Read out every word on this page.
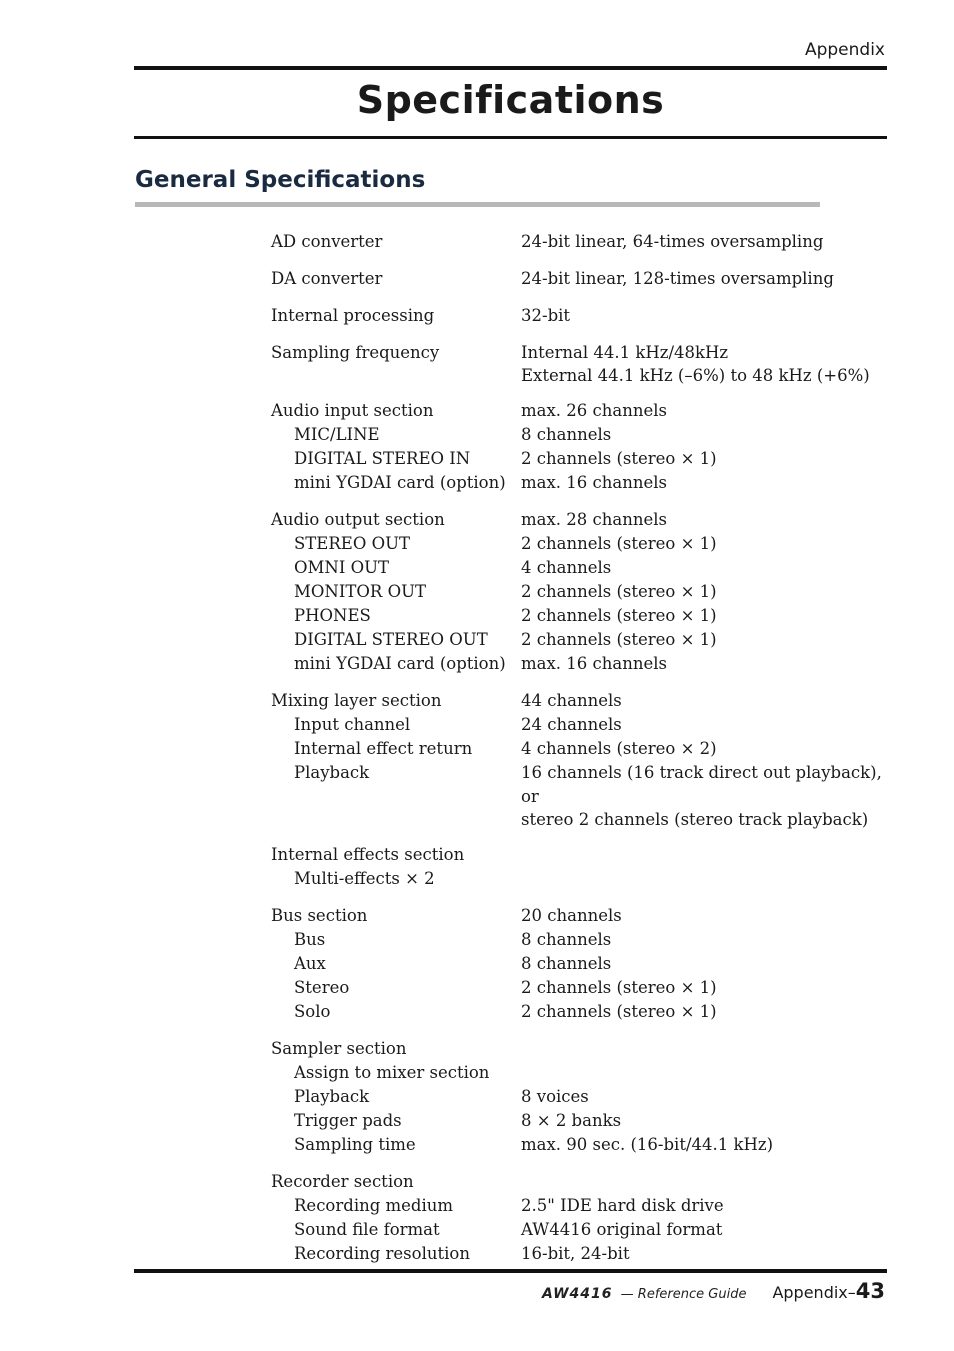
Appendix
Specifications
General Specifications
AD converter	24-bit linear, 64-times oversampling
DA converter	24-bit linear, 128-times oversampling
Internal processing	32-bit
Sampling frequency	Internal 44.1 kHz/48kHz
External 44.1 kHz (–6%) to 48 kHz (+6%)
Audio input section	max. 26 channels
MIC/LINE	8 channels
DIGITAL STEREO IN	2 channels (stereo × 1)
mini YGDAI card (option) max. 16 channels
Audio output section	max. 28 channels
STEREO OUT	2 channels (stereo × 1)
OMNI OUT	4 channels
MONITOR OUT	2 channels (stereo × 1)
PHONES	2 channels (stereo × 1)
DIGITAL STEREO OUT	2 channels (stereo × 1)
mini YGDAI card (option) max. 16 channels
Mixing layer section	44 channels
Input channel	24 channels
Internal effect return	4 channels (stereo × 2)
Playback	16 channels (16 track direct out playback), or
stereo 2 channels (stereo track playback)
Internal effects section
Multi-effects × 2
Bus section	20 channels
Bus	8 channels
Aux	8 channels
Stereo	2 channels (stereo × 1)
Solo	2 channels (stereo × 1)
Sampler section
Assign to mixer section
Playback	8 voices
Trigger pads	8 × 2 banks
Sampling time	max. 90 sec. (16-bit/44.1 kHz)
Recorder section
Recording medium	2.5" IDE hard disk drive
Sound file format	AW4416 original format
Recording resolution	16-bit, 24-bit
AW4416 — Reference Guide Appendix–43
